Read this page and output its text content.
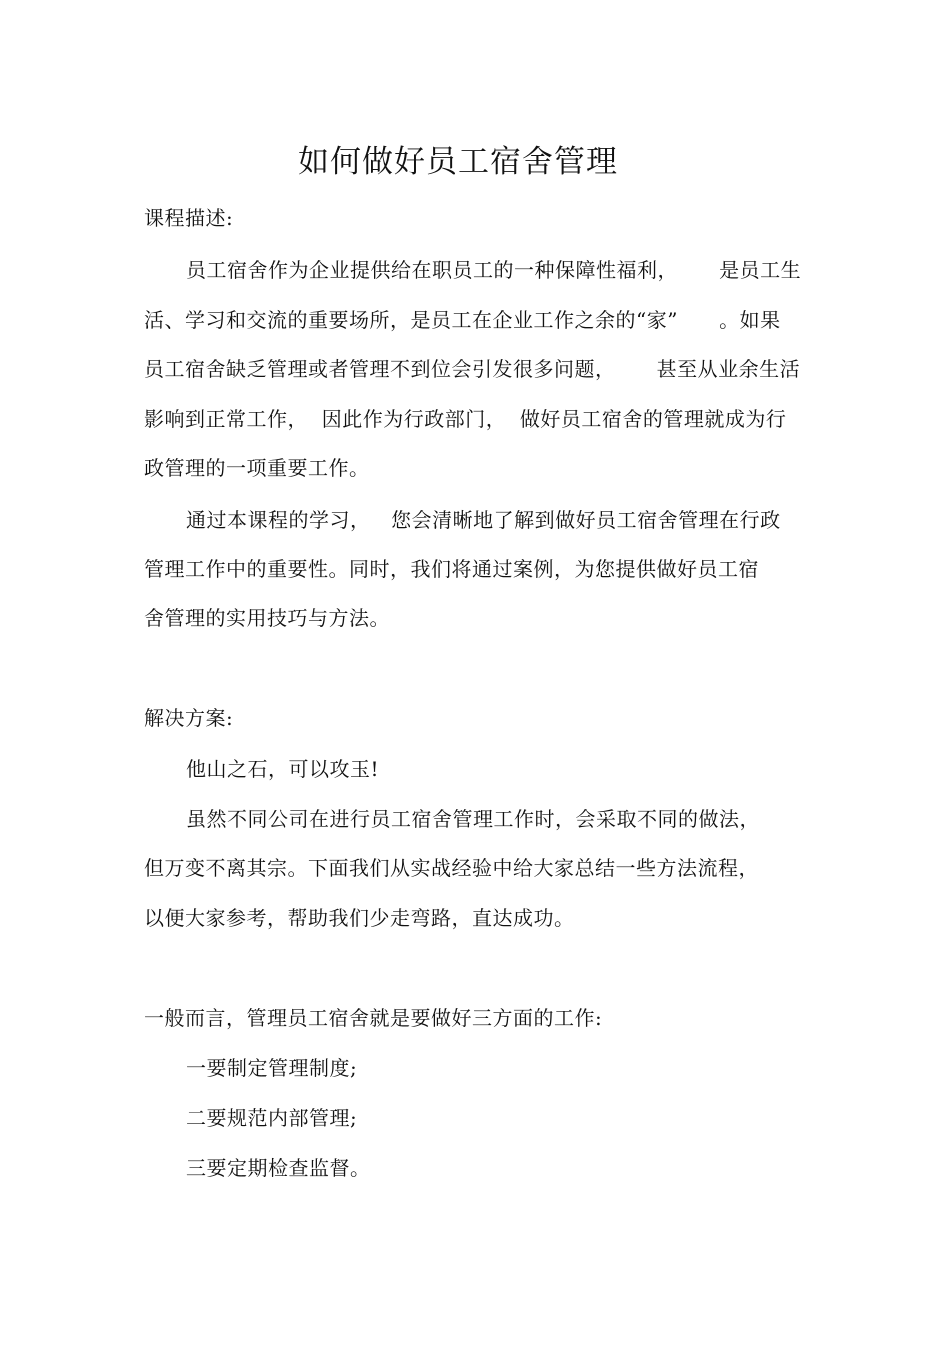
如何做好员工宿舍管理
课程描述:
员工宿舍作为企业提供给在职员工的一种保障性福利，      是员工生
活、学习和交流的重要场所，是员工在企业工作之余的“家”      。如果
员工宿舍缺乏管理或者管理不到位会引发很多问题，      甚至从业余生活
影响到正常工作，  因此作为行政部门，  做好员工宿舍的管理就成为行
政管理的一项重要工作。
通过本课程的学习，   您会清晰地了解到做好员工宿舍管理在行政
管理工作中的重要性。同时，我们将通过案例，为您提供做好员工宿
舍管理的实用技巧与方法。
解决方案:
他山之石，可以攻玉!
虽然不同公司在进行员工宿舍管理工作时，会采取不同的做法，
但万变不离其宗。下面我们从实战经验中给大家总结一些方法流程，
以便大家参考，帮助我们少走弯路，直达成功。
一般而言，管理员工宿舍就是要做好三方面的工作:
一要制定管理制度;
二要规范内部管理;
三要定期检查监督。
